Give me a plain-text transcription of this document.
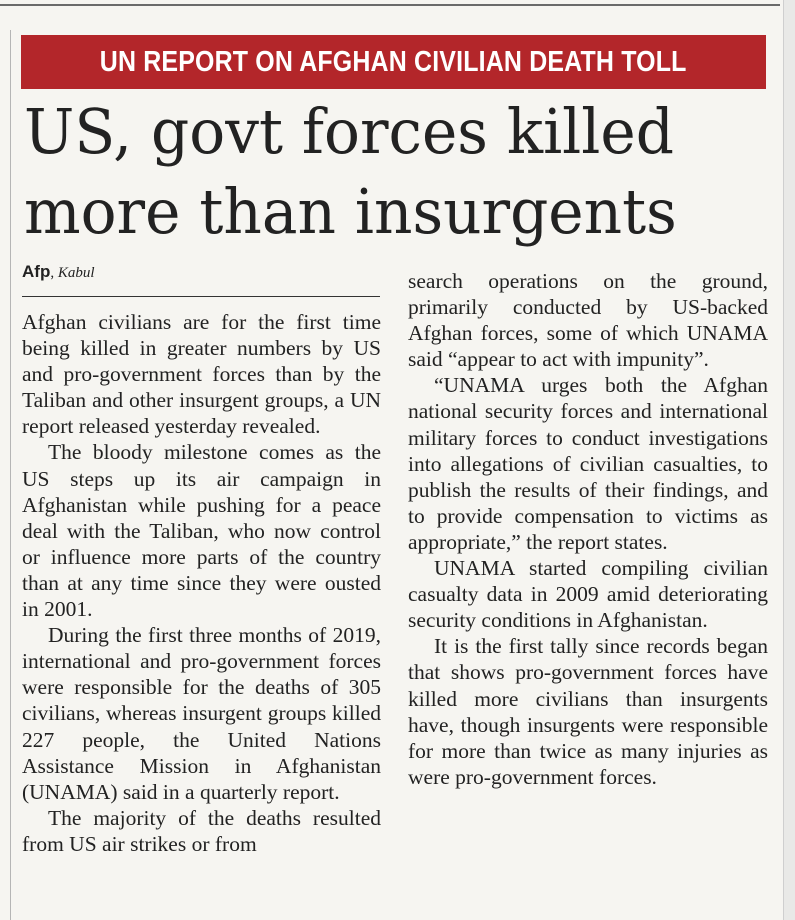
UN REPORT ON AFGHAN CIVILIAN DEATH TOLL
US, govt forces killed
more than insurgents
Afp, Kabul

Afghan civilians are for the first time being killed in greater numbers by US and pro-government forces than by the Taliban and other insurgent groups, a UN report released yesterday revealed.

The bloody milestone comes as the US steps up its air campaign in Afghanistan while pushing for a peace deal with the Taliban, who now control or influence more parts of the country than at any time since they were ousted in 2001.

During the first three months of 2019, international and pro-government forces were responsible for the deaths of 305 civilians, whereas insurgent groups killed 227 people, the United Nations Assistance Mission in Afghanistan (UNAMA) said in a quarterly report.

The majority of the deaths resulted from US air strikes or from

search operations on the ground, primarily conducted by US-backed Afghan forces, some of which UNAMA said “appear to act with impunity”.

“UNAMA urges both the Afghan national security forces and international military forces to conduct investigations into allegations of civilian casualties, to publish the results of their findings, and to provide compensation to victims as appropriate,” the report states.

UNAMA started compiling civilian casualty data in 2009 amid deteriorating security conditions in Afghanistan.

It is the first tally since records began that shows pro-government forces have killed more civilians than insurgents have, though insurgents were responsible for more than twice as many injuries as were pro-government forces.
